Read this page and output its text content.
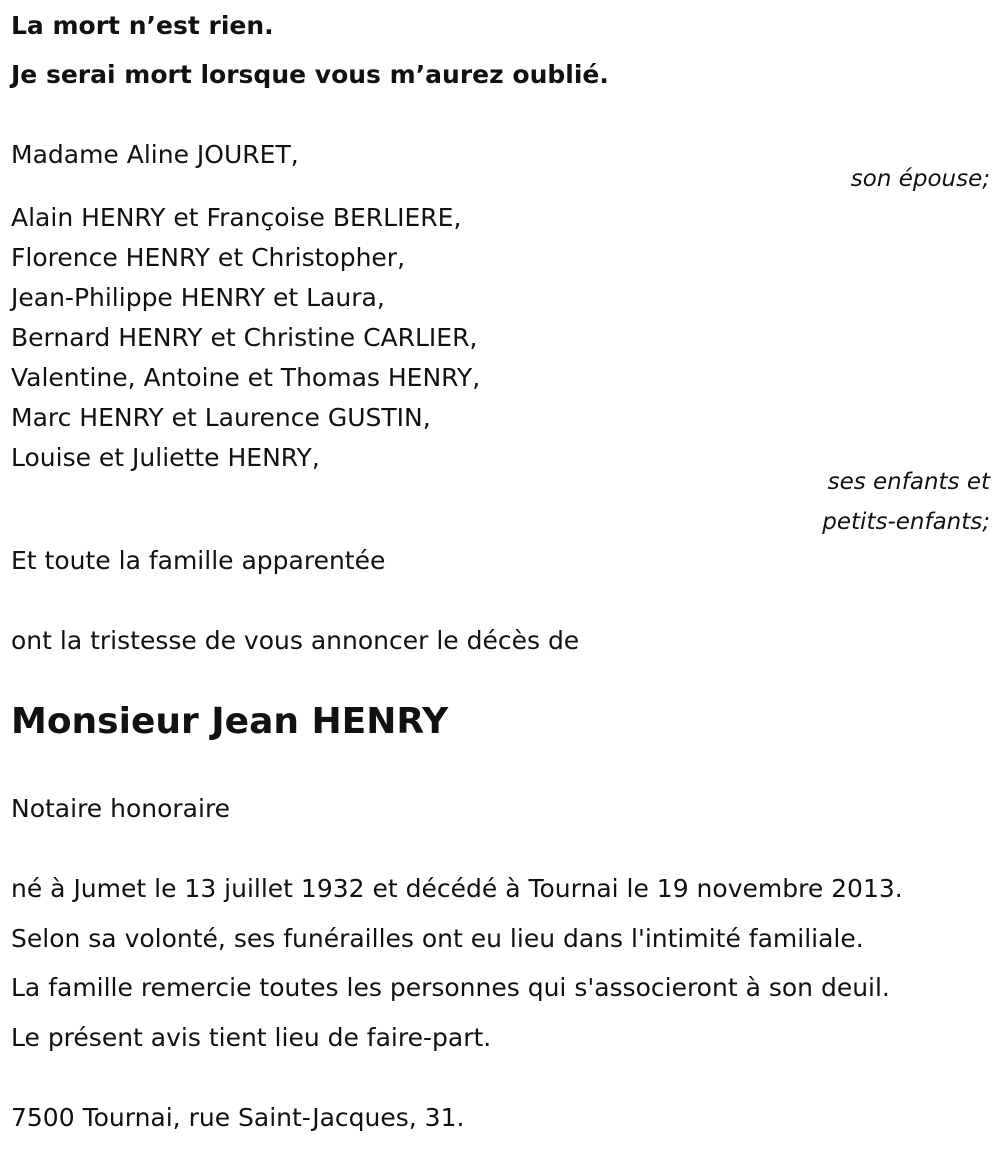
La mort n’est rien.
Je serai mort lorsque vous m’aurez oublié.
Madame Aline JOURET,
son épouse;
Alain HENRY et Françoise BERLIERE,
Florence HENRY et Christopher,
Jean-Philippe HENRY et Laura,
Bernard HENRY et Christine CARLIER,
Valentine, Antoine et Thomas HENRY,
Marc HENRY et Laurence GUSTIN,
Louise et Juliette HENRY,
ses enfants et
petits-enfants;
Et toute la famille apparentée
ont la tristesse de vous annoncer le décès de
Monsieur Jean HENRY
Notaire honoraire
né à Jumet le 13 juillet 1932 et décédé à Tournai le 19 novembre 2013.
Selon sa volonté, ses funérailles ont eu lieu dans l'intimité familiale.
La famille remercie toutes les personnes qui s'associeront à son deuil.
Le présent avis tient lieu de faire-part.
7500 Tournai, rue Saint-Jacques, 31.
